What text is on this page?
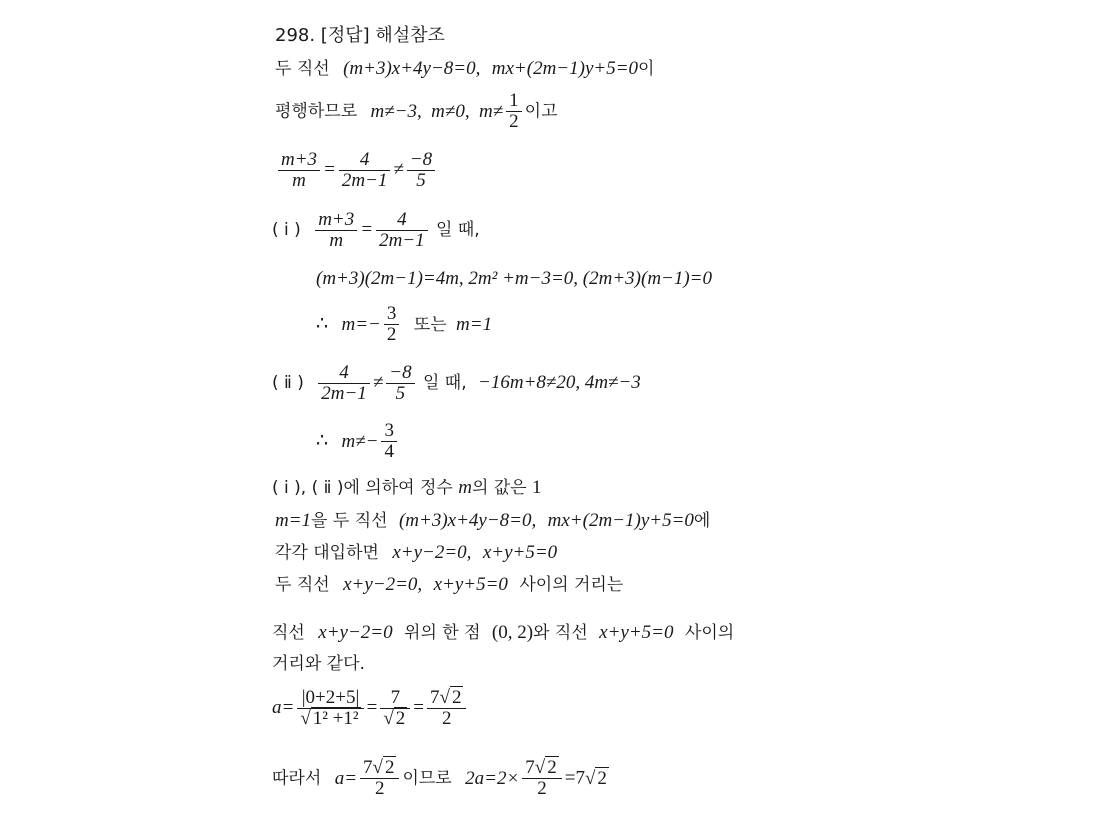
298. [정답] 해설참조
두 직선 (m+3)x+4y−8=0, mx+(2m−1)y+5=0이
평행하므로 m≠−3, m≠0, $m\ne \frac{1}{2}$ 이고
$\frac{m+3}{m} = \frac{4}{2m-1} \ne \frac{-8}{5}$
( ⅰ ) $\frac{m+3}{m} = \frac{4}{2m-1}$ 일 때,
(m+3)(2m−1)=4m, 2m² +m−3=0, (2m+3)(m−1)=0
∴ $m=- \frac{3}{2}$ 또는 m=1
( ⅱ ) $\frac{4}{2m-1} \ne \frac{-8}{5}$ 일 때, −16m+8≠20, 4m≠−3
∴ $m\ne- \frac{3}{4}$
( ⅰ ), ( ⅱ )에 의하여 정수 m의 값은 1
m=1을 두 직선 (m+3)x+4y−8=0, mx+(2m−1)y+5=0에
각각 대입하면 x+y−2=0, x+y+5=0
두 직선 x+y−2=0, x+y+5=0 사이의 거리는
직선 x+y−2=0 위의 한 점 (0, 2)와 직선 x+y+5=0 사이의
거리와 같다.
$a= \frac{|0+2+5|}{\text{√ 1² +1²}} = \frac{7}{√ 2} = \frac{7√ 2}{2}$
따라서 $a= \frac{7√ 2}{2}$ 이므로 $2a=2\times \frac{7√ 2}{2} =7√$ 2
